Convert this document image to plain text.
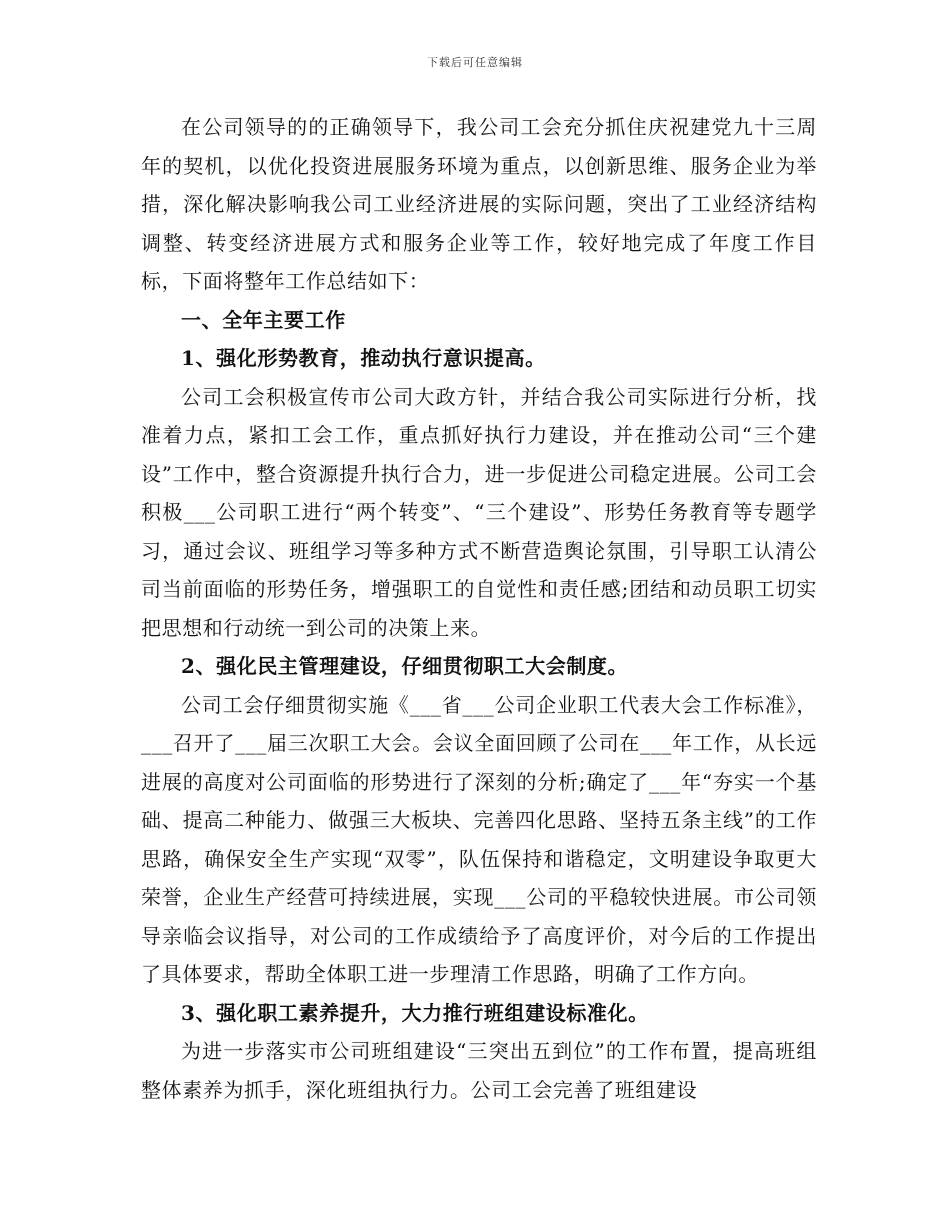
下载后可任意编辑

在公司领导的的正确领导下，我公司工会充分抓住庆祝建党九十三周年的契机，以优化投资进展服务环境为重点，以创新思维、服务企业为举措，深化解决影响我公司工业经济进展的实际问题，突出了工业经济结构调整、转变经济进展方式和服务企业等工作，较好地完成了年度工作目标，下面将整年工作总结如下：

一、全年主要工作

1、强化形势教育，推动执行意识提高。

公司工会积极宣传市公司大政方针，并结合我公司实际进行分析，找准着力点，紧扣工会工作，重点抓好执行力建设，并在推动公司“三个建设”工作中，整合资源提升执行合力，进一步促进公司稳定进展。公司工会积极___公司职工进行“两个转变”、“三个建设”、形势任务教育等专题学习，通过会议、班组学习等多种方式不断营造舆论氛围，引导职工认清公司当前面临的形势任务，增强职工的自觉性和责任感;团结和动员职工切实把思想和行动统一到公司的决策上来。

2、强化民主管理建设，仔细贯彻职工大会制度。

公司工会仔细贯彻实施《___省___公司企业职工代表大会工作标准》，___召开了___届三次职工大会。会议全面回顾了公司在___年工作，从长远进展的高度对公司面临的形势进行了深刻的分析;确定了___年“夯实一个基础、提高二种能力、做强三大板块、完善四化思路、坚持五条主线”的工作思路，确保安全生产实现“双零”，队伍保持和谐稳定，文明建设争取更大荣誉，企业生产经营可持续进展，实现___公司的平稳较快进展。市公司领导亲临会议指导，对公司的工作成绩给予了高度评价，对今后的工作提出了具体要求，帮助全体职工进一步理清工作思路，明确了工作方向。

3、强化职工素养提升，大力推行班组建设标准化。

为进一步落实市公司班组建设“三突出五到位”的工作布置，提高班组整体素养为抓手，深化班组执行力。公司工会完善了班组建设
